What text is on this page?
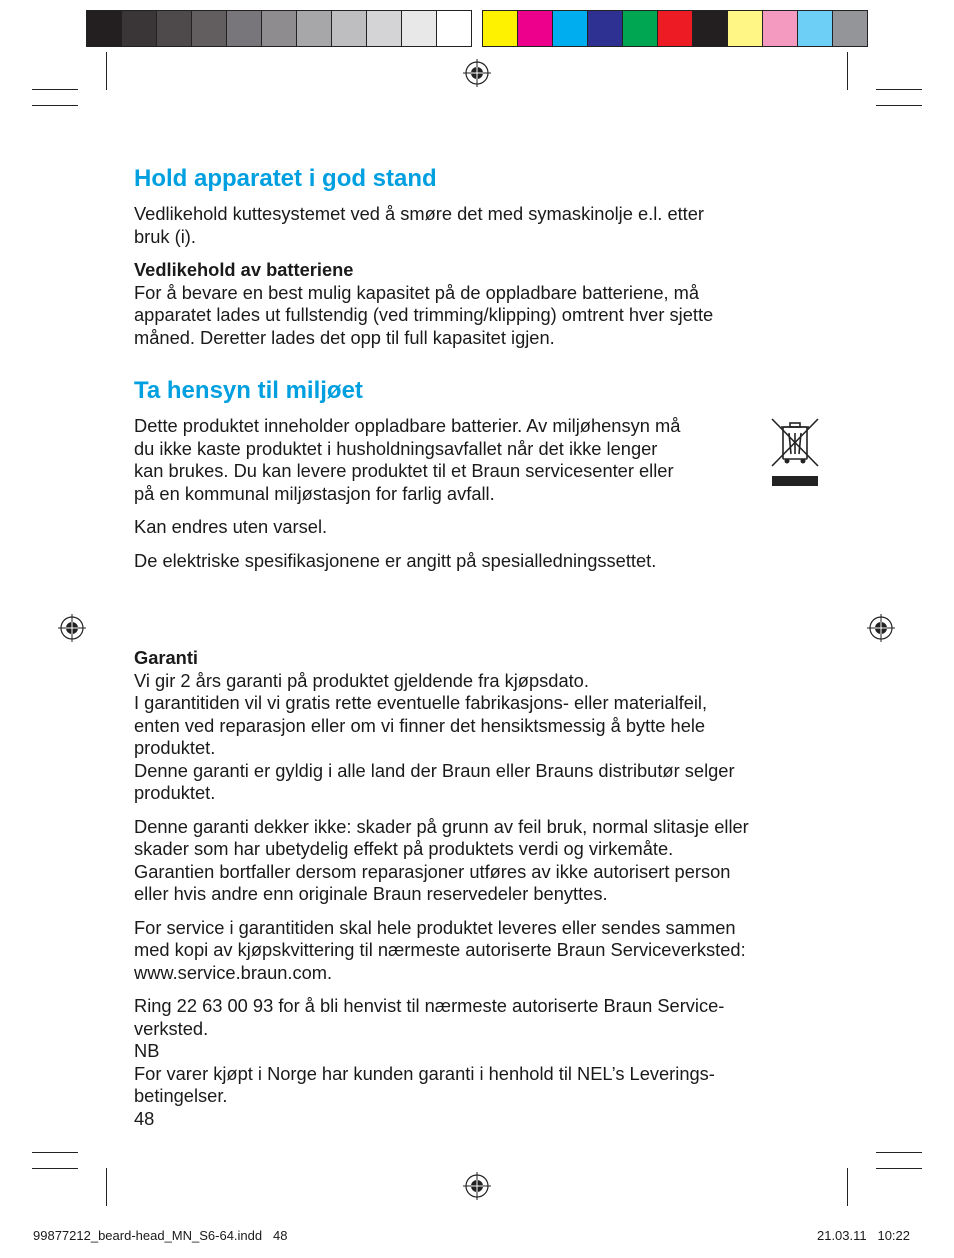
Hold apparatet i god stand

Vedlikehold kuttesystemet ved å smøre det med symaskinolje e.l. etter
bruk (i).

Vedlikehold av batteriene
For å bevare en best mulig kapasitet på de oppladbare batteriene, må
apparatet lades ut fullstendig (ved trimming/klipping) omtrent hver sjette
måned. Deretter lades det opp til full kapasitet igjen.

Ta hensyn til miljøet

Dette produktet inneholder oppladbare batterier. Av miljøhensyn må
du ikke kaste produktet i husholdningsavfallet når det ikke lenger
kan brukes. Du kan levere produktet til et Braun servicesenter eller
på en kommunal miljøstasjon for farlig avfall.

Kan endres uten varsel.

De elektriske spesifikasjonene er angitt på spesialledningssettet.

Garanti
Vi gir 2 års garanti på produktet gjeldende fra kjøpsdato.
I garantitiden vil vi gratis rette eventuelle fabrikasjons- eller materialfeil,
enten ved reparasjon eller om vi finner det hensiktsmessig å bytte hele
produktet.
Denne garanti er gyldig i alle land der Braun eller Brauns distributør selger
produktet.

Denne garanti dekker ikke: skader på grunn av feil bruk, normal slitasje eller
skader som har ubetydelig effekt på produktets verdi og virkemåte.
Garantien bortfaller dersom reparasjoner utføres av ikke autorisert person
eller hvis andre enn originale Braun reservedeler benyttes.

For service i garantitiden skal hele produktet leveres eller sendes sammen
med kopi av kjøpskvittering til nærmeste autoriserte Braun Serviceverksted:
www.service.braun.com.

Ring 22 63 00 93 for å bli henvist til nærmeste autoriserte Braun Service-
verksted.
NB
For varer kjøpt i Norge har kunden garanti i henhold til NEL’s Leverings-
betingelser.

48

99877212_beard-head_MN_S6-64.indd   48	21.03.11   10:22
